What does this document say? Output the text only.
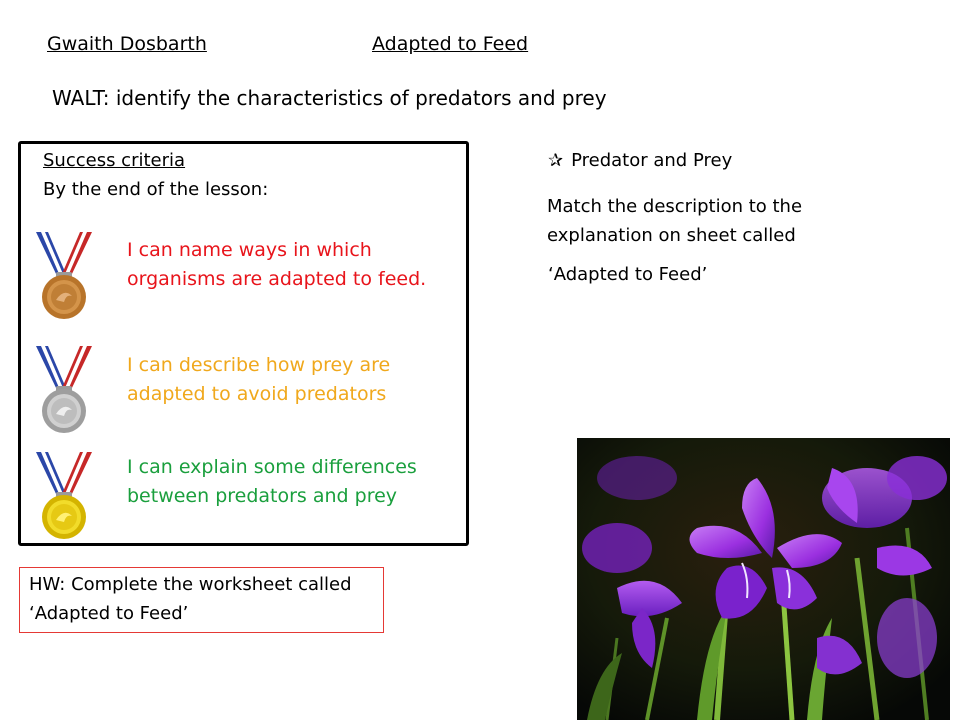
Gwaith Dosbarth	Adapted to Feed
WALT: identify the characteristics of predators and prey
Success criteria
By the end of the lesson:
I can name ways in which organisms are adapted to feed.
I can describe how prey are adapted to avoid predators
I can explain some differences between predators and prey
HW: Complete the worksheet called ‘Adapted to Feed’
✰ Predator and Prey
Match the description to the explanation on sheet called
‘Adapted to Feed’
